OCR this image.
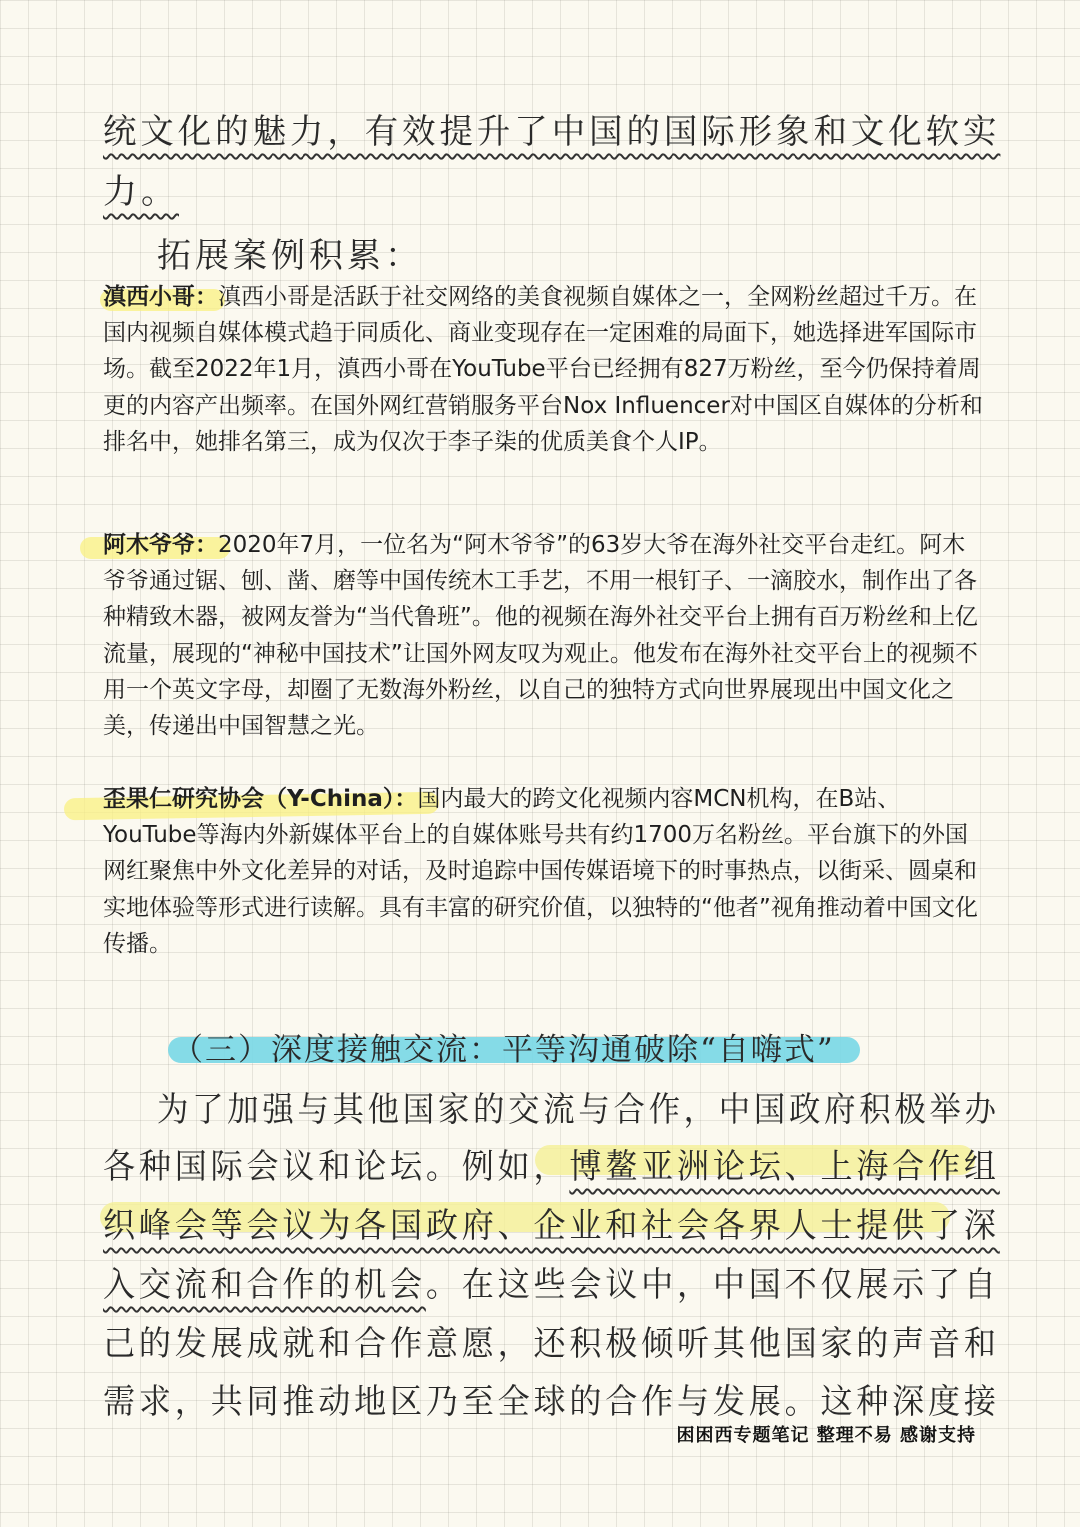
统文化的魅力，有效提升了中国的国际形象和文化软实
力。
拓展案例积累：
滇西小哥：滇西小哥是活跃于社交网络的美食视频自媒体之一，全网粉丝超过千万。在国内视频自媒体模式趋于同质化、商业变现存在一定困难的局面下，她选择进军国际市场。截至2022年1月，滇西小哥在YouTube平台已经拥有827万粉丝，至今仍保持着周更的内容产出频率。在国外网红营销服务平台Nox Influencer对中国区自媒体的分析和排名中，她排名第三，成为仅次于李子柒的优质美食个人IP。
阿木爷爷：2020年7月，一位名为“阿木爷爷”的63岁大爷在海外社交平台走红。阿木爷爷通过锯、刨、凿、磨等中国传统木工手艺，不用一根钉子、一滴胶水，制作出了各种精致木器，被网友誉为“当代鲁班”。他的视频在海外社交平台上拥有百万粉丝和上亿流量，展现的“神秘中国技术”让国外网友叹为观止。他发布在海外社交平台上的视频不用一个英文字母，却圈了无数海外粉丝，以自己的独特方式向世界展现出中国文化之美，传递出中国智慧之光。
歪果仁研究协会（Y-China）：国内最大的跨文化视频内容MCN机构，在B站、YouTube等海内外新媒体平台上的自媒体账号共有约1700万名粉丝。平台旗下的外国网红聚焦中外文化差异的对话，及时追踪中国传媒语境下的时事热点，以街采、圆桌和实地体验等形式进行读解。具有丰富的研究价值，以独特的“他者”视角推动着中国文化传播。
（三）深度接触交流：平等沟通破除“自嗨式”
为了加强与其他国家的交流与合作，中国政府积极举办
各种国际会议和论坛。例如，博鳌亚洲论坛、上海合作组
织峰会等会议为各国政府、企业和社会各界人士提供了深
入交流和合作的机会。在这些会议中，中国不仅展示了自
己的发展成就和合作意愿，还积极倾听其他国家的声音和
需求，共同推动地区乃至全球的合作与发展。这种深度接
困困西专题笔记 整理不易 感谢支持
